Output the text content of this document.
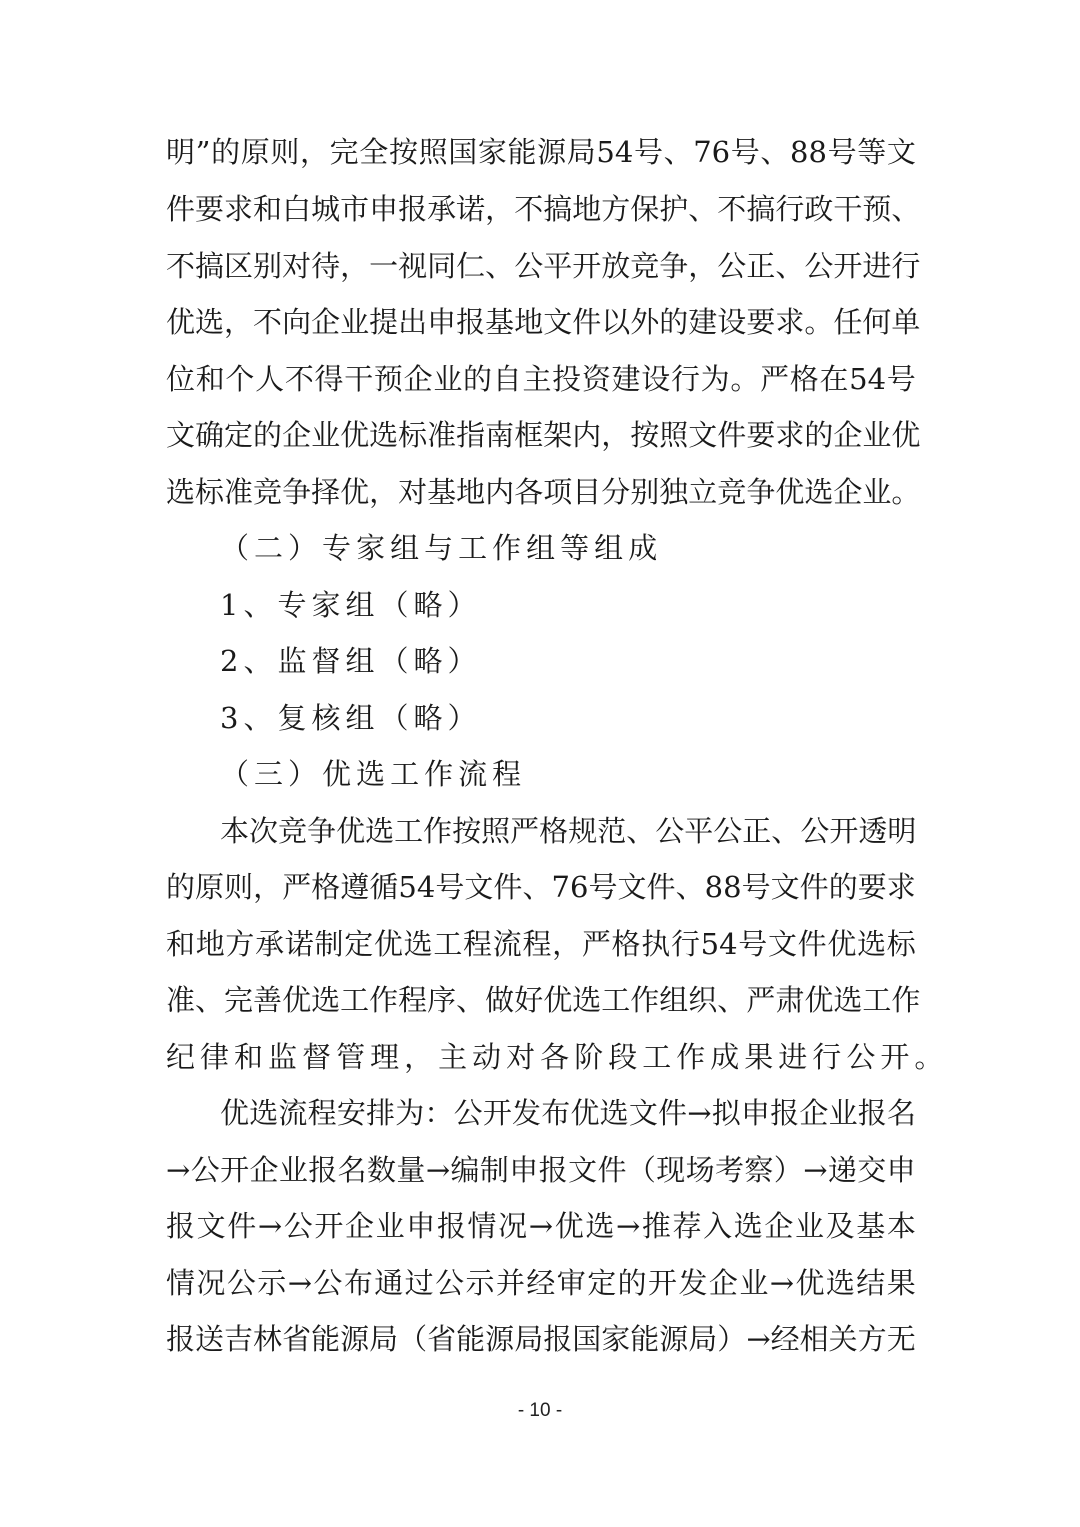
明 ” 的 原 则 ， 完 全 按 照 国 家 能 源 局 54 号 、 76 号 、 88 号 等 文
件 要 求 和 白 城 市 申 报 承 诺 ， 不 搞 地 方 保 护 、 不 搞 行 政 干 预 、
不 搞 区 别 对 待 ， 一 视 同 仁 、 公 平 开 放 竞 争 ， 公 正 、 公 开 进 行
优 选 ， 不 向 企 业 提 出 申 报 基 地 文 件 以 外 的 建 设 要 求 。 任 何 单
位 和 个 人 不 得 干 预 企 业 的 自 主 投 资 建 设 行 为 。 严 格 在 54 号
文 确 定 的 企 业 优 选 标 准 指 南 框 架 内 ， 按 照 文 件 要 求 的 企 业 优
选 标 准 竞 争 择 优 ， 对 基 地 内 各 项 目 分 别 独 立 竞 争 优 选 企 业 。
（ 二 ） 专 家 组 与 工 作 组 等 组 成
1 、 专 家 组 （ 略 ）
2 、 监 督 组 （ 略 ）
3 、 复 核 组 （ 略 ）
（ 三 ） 优 选 工 作 流 程
本 次 竞 争 优 选 工 作 按 照 严 格 规 范 、 公 平 公 正 、 公 开 透 明
的 原 则 ， 严 格 遵 循 54 号 文 件 、 76 号 文 件 、 88 号 文 件 的 要 求
和 地 方 承 诺 制 定 优 选 工 程 流 程 ， 严 格 执 行 54 号 文 件 优 选 标
准 、 完 善 优 选 工 作 程 序 、 做 好 优 选 工 作 组 织 、 严 肃 优 选 工 作
纪 律 和 监 督 管 理 ， 主 动 对 各 阶 段 工 作 成 果 进 行 公 开 。
优 选 流 程 安 排 为 ： 公 开 发 布 优 选 文 件 → 拟 申 报 企 业 报 名
→ 公 开 企 业 报 名 数 量 → 编 制 申 报 文 件 （ 现 场 考 察 ） → 递 交 申
报 文 件 → 公 开 企 业 申 报 情 况 → 优 选 → 推 荐 入 选 企 业 及 基 本
情 况 公 示 → 公 布 通 过 公 示 并 经 审 定 的 开 发 企 业 → 优 选 结 果
报 送 吉 林 省 能 源 局 （ 省 能 源 局 报 国 家 能 源 局 ） → 经 相 关 方 无
- 10 -
